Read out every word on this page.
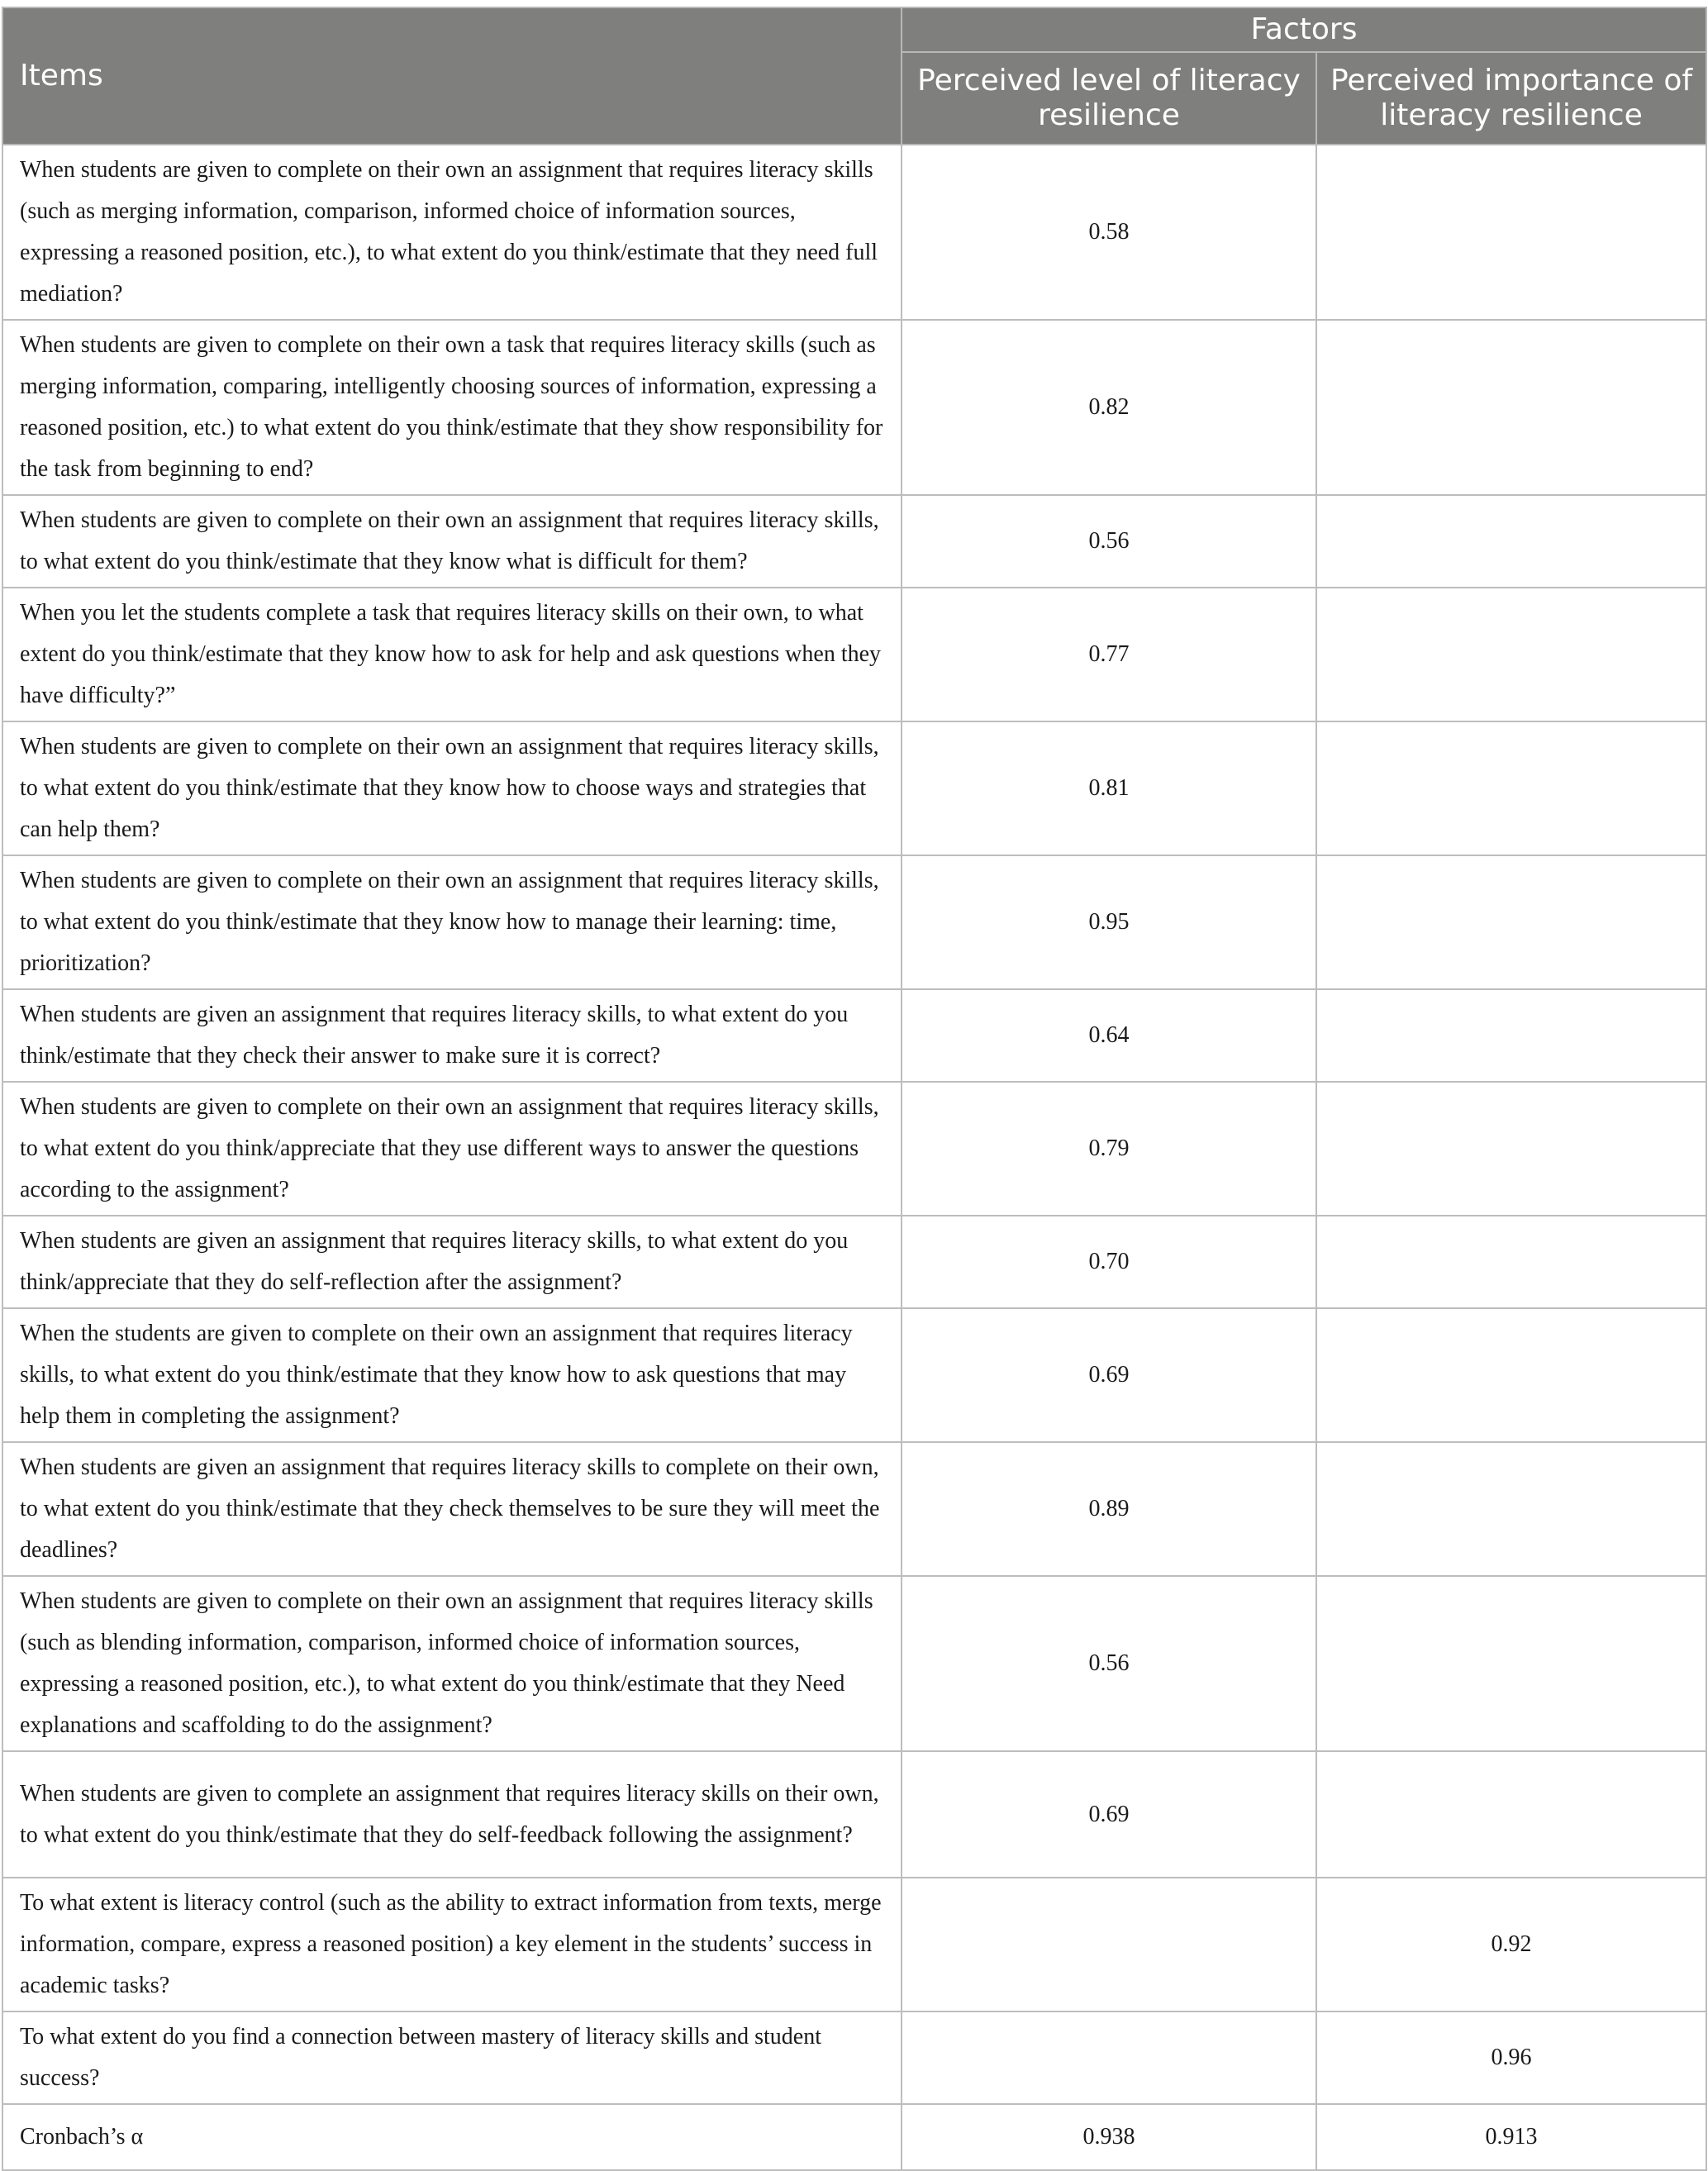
Items	Factors	
	Perceived level of literacy resilience	Perceived importance of literacy resilience
When students are given to complete on their own an assignment that requires literacy skills (such as merging information, comparison, informed choice of information sources, expressing a reasoned position, etc.), to what extent do you think/estimate that they need full mediation?	0.58	
When students are given to complete on their own a task that requires literacy skills (such as merging information, comparing, intelligently choosing sources of information, expressing a reasoned position, etc.) to what extent do you think/estimate that they show responsibility for the task from beginning to end?	0.82	
When students are given to complete on their own an assignment that requires literacy skills, to what extent do you think/estimate that they know what is difficult for them?	0.56	
When you let the students complete a task that requires literacy skills on their own, to what extent do you think/estimate that they know how to ask for help and ask questions when they have difficulty?”	0.77	
When students are given to complete on their own an assignment that requires literacy skills, to what extent do you think/estimate that they know how to choose ways and strategies that can help them?	0.81	
When students are given to complete on their own an assignment that requires literacy skills, to what extent do you think/estimate that they know how to manage their learning: time, prioritization?	0.95	
When students are given an assignment that requires literacy skills, to what extent do you think/estimate that they check their answer to make sure it is correct?	0.64	
When students are given to complete on their own an assignment that requires literacy skills, to what extent do you think/appreciate that they use different ways to answer the questions according to the assignment?	0.79	
When students are given an assignment that requires literacy skills, to what extent do you think/appreciate that they do self-reflection after the assignment?	0.70	
When the students are given to complete on their own an assignment that requires literacy skills, to what extent do you think/estimate that they know how to ask questions that may help them in completing the assignment?	0.69	
When students are given an assignment that requires literacy skills to complete on their own, to what extent do you think/estimate that they check themselves to be sure they will meet the deadlines?	0.89	
When students are given to complete on their own an assignment that requires literacy skills (such as blending information, comparison, informed choice of information sources, expressing a reasoned position, etc.), to what extent do you think/estimate that they Need explanations and scaffolding to do the assignment?	0.56	
When students are given to complete an assignment that requires literacy skills on their own, to what extent do you think/estimate that they do self-feedback following the assignment?	0.69	
To what extent is literacy control (such as the ability to extract information from texts, merge information, compare, express a reasoned position) a key element in the students’ success in academic tasks?		0.92
To what extent do you find a connection between mastery of literacy skills and student success?		0.96
Cronbach’s α	0.938	0.913
